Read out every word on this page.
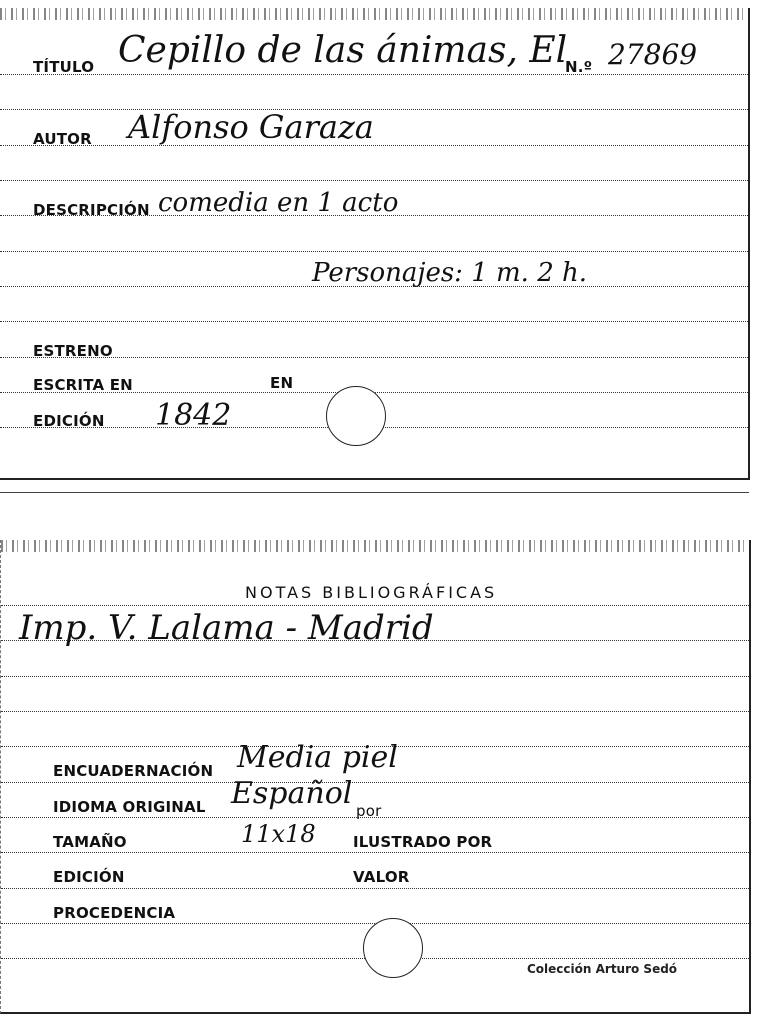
TÍTULO Cepillo de las ánimas, El
N.º 27869
AUTOR Alfonso Garaza
DESCRIPCIÓN comedia en 1 acto
Personajes: 1 m. 2 h.
ESTRENO
ESCRITA EN	EN
EDICIÓN 1842
NOTAS BIBLIOGRÁFICAS
Imp. V. Lalama - Madrid
ENCUADERNACIÓN Media piel
IDIOMA ORIGINAL Español por
TAMAÑO	11x18 ILUSTRADO POR
EDICIÓN	VALOR
PROCEDENCIA
Colección Arturo Sedó
